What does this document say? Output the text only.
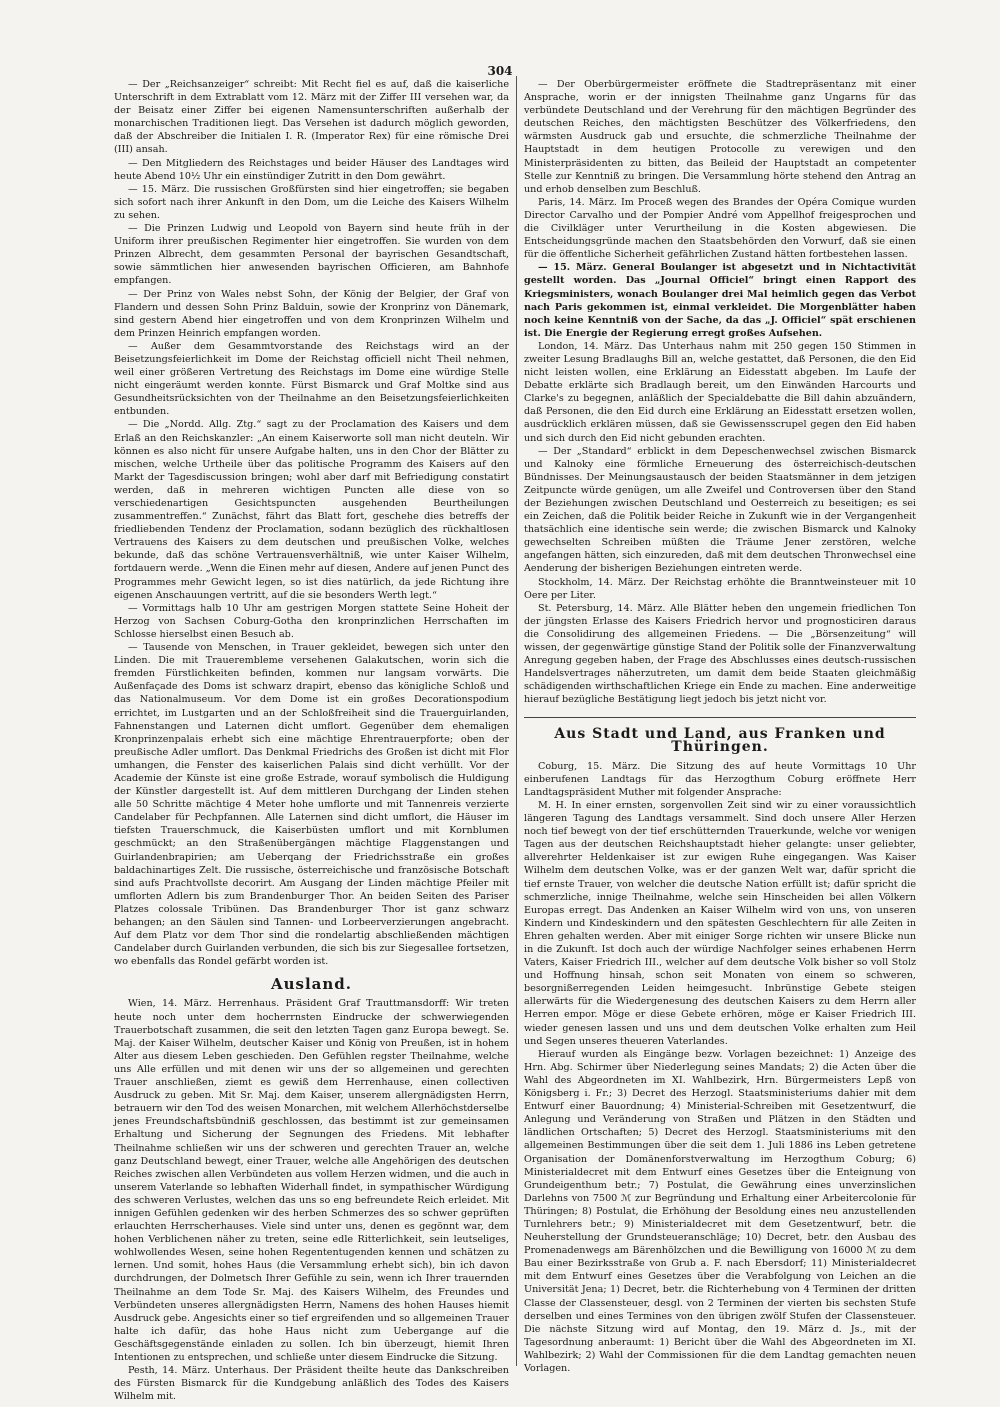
304

— Der „Reichsanzeiger“ schreibt: Mit Recht fiel es auf, daß die kaiserliche Unterschrift in dem Extrablatt vom 12. März mit der Ziffer III versehen war, da der Beisatz einer Ziffer bei eigenen Namensunterschriften außerhalb der monarchischen Traditionen liegt. Das Versehen ist dadurch möglich geworden, daß der Abschreiber die Initialen I. R. (Imperator Rex) für eine römische Drei (III) ansah.

— Den Mitgliedern des Reichstages und beider Häuser des Landtages wird heute Abend 10½ Uhr ein einstündiger Zutritt in den Dom gewährt.

— 15. März. Die russischen Großfürsten sind hier eingetroffen; sie begaben sich sofort nach ihrer Ankunft in den Dom, um die Leiche des Kaisers Wilhelm zu sehen.

— Die Prinzen Ludwig und Leopold von Bayern sind heute früh in der Uniform ihrer preußischen Regimenter hier eingetroffen. Sie wurden von dem Prinzen Albrecht, dem gesammten Personal der bayrischen Gesandtschaft, sowie sämmtlichen hier anwesenden bayrischen Officieren, am Bahnhofe empfangen.

— Der Prinz von Wales nebst Sohn, der König der Belgier, der Graf von Flandern und dessen Sohn Prinz Balduin, sowie der Kronprinz von Dänemark, sind gestern Abend hier eingetroffen und von dem Kronprinzen Wilhelm und dem Prinzen Heinrich empfangen worden.

— Außer dem Gesammtvorstande des Reichstags wird an der Beisetzungsfeierlichkeit im Dome der Reichstag officiell nicht Theil nehmen, weil einer größeren Vertretung des Reichstags im Dome eine würdige Stelle nicht eingeräumt werden konnte. Fürst Bismarck und Graf Moltke sind aus Gesundheitsrücksichten von der Theilnahme an den Beisetzungsfeierlichkeiten entbunden.

— Die „Nordd. Allg. Ztg.“ sagt zu der Proclamation des Kaisers und dem Erlaß an den Reichskanzler: „An einem Kaiserworte soll man nicht deuteln. Wir können es also nicht für unsere Aufgabe halten, uns in den Chor der Blätter zu mischen, welche Urtheile über das politische Programm des Kaisers auf den Markt der Tagesdiscussion bringen; wohl aber darf mit Befriedigung constatirt werden, daß in mehreren wichtigen Puncten alle diese von so verschiedenartigen Gesichtspuncten ausgehenden Beurtheilungen zusammentreffen.“ Zunächst, fährt das Blatt fort, geschehe dies betreffs der friedliebenden Tendenz der Proclamation, sodann bezüglich des rückhaltlosen Vertrauens des Kaisers zu dem deutschen und preußischen Volke, welches bekunde, daß das schöne Vertrauensverhältniß, wie unter Kaiser Wilhelm, fortdauern werde. „Wenn die Einen mehr auf diesen, Andere auf jenen Punct des Programmes mehr Gewicht legen, so ist dies natürlich, da jede Richtung ihre eigenen Anschauungen vertritt, auf die sie besonders Werth legt.“

— Vormittags halb 10 Uhr am gestrigen Morgen stattete Seine Hoheit der Herzog von Sachsen Coburg-Gotha den kronprinzlichen Herrschaften im Schlosse hierselbst einen Besuch ab.

— Tausende von Menschen, in Trauer gekleidet, bewegen sich unter den Linden. Die mit Trauerembleme versehenen Galakutschen, worin sich die fremden Fürstlichkeiten befinden, kommen nur langsam vorwärts. Die Außenfaçade des Doms ist schwarz drapirt, ebenso das königliche Schloß und das Nationalmuseum. Vor dem Dome ist ein großes Decorationspodium errichtet, im Lustgarten und an der Schloßfreiheit sind die Trauerguirlanden, Fahnenstangen und Laternen dicht umflort. Gegenüber dem ehemaligen Kronprinzenpalais erhebt sich eine mächtige Ehrentrauerpforte; oben der preußische Adler umflort. Das Denkmal Friedrichs des Großen ist dicht mit Flor umhangen, die Fenster des kaiserlichen Palais sind dicht verhüllt. Vor der Academie der Künste ist eine große Estrade, worauf symbolisch die Huldigung der Künstler dargestellt ist. Auf dem mittleren Durchgang der Linden stehen alle 50 Schritte mächtige 4 Meter hohe umflorte und mit Tannenreis verzierte Candelaber für Pechpfannen. Alle Laternen sind dicht umflort, die Häuser im tiefsten Trauerschmuck, die Kaiserbüsten umflort und mit Kornblumen geschmückt; an den Straßenübergängen mächtige Flaggenstangen und Guirlandenbrapirien; am Ueberqang der Friedrichsstraße ein großes baldachinartiges Zelt. Die russische, österreichische und französische Botschaft sind aufs Prachtvollste decorirt. Am Ausgang der Linden mächtige Pfeiler mit umflorten Adlern bis zum Brandenburger Thor. An beiden Seiten des Pariser Platzes colossale Tribünen. Das Brandenburger Thor ist ganz schwarz behangen; an den Säulen sind Tannen- und Lorbeerverzierungen angebracht. Auf dem Platz vor dem Thor sind die rondelartig abschließenden mächtigen Candelaber durch Guirlanden verbunden, die sich bis zur Siegesallee fortsetzen, wo ebenfalls das Rondel gefärbt worden ist.

Ausland.

Wien, 14. März. Herrenhaus. Präsident Graf Trauttmansdorff: Wir treten heute noch unter dem hocherrnsten Eindrucke der schwerwiegenden Trauerbotschaft zusammen, die seit den letzten Tagen ganz Europa bewegt. Se. Maj. der Kaiser Wilhelm, deutscher Kaiser und König von Preußen, ist in hohem Alter aus diesem Leben geschieden. Den Gefühlen regster Theilnahme, welche uns Alle erfüllen und mit denen wir uns der so allgemeinen und gerechten Trauer anschließen, ziemt es gewiß dem Herrenhause, einen collectiven Ausdruck zu geben. Mit Sr. Maj. dem Kaiser, unserem allergnädigsten Herrn, betrauern wir den Tod des weisen Monarchen, mit welchem Allerhöchstderselbe jenes Freundschaftsbündniß geschlossen, das bestimmt ist zur gemeinsamen Erhaltung und Sicherung der Segnungen des Friedens. Mit lebhafter Theilnahme schließen wir uns der schweren und gerechten Trauer an, welche ganz Deutschland bewegt, einer Trauer, welche alle Angehörigen des deutschen Reiches zwischen allen Verbündeten aus vollem Herzen widmen, und die auch in unserem Vaterlande so lebhaften Widerhall findet, in sympathischer Würdigung des schweren Verlustes, welchen das uns so eng befreundete Reich erleidet. Mit innigen Gefühlen gedenken wir des herben Schmerzes des so schwer geprüften erlauchten Herrscherhauses. Viele sind unter uns, denen es gegönnt war, dem hohen Verblichenen näher zu treten, seine edle Ritterlichkeit, sein leutseliges, wohlwollendes Wesen, seine hohen Regententugenden kennen und schätzen zu lernen. Und somit, hohes Haus (die Versammlung erhebt sich), bin ich davon durchdrungen, der Dolmetsch Ihrer Gefühle zu sein, wenn ich Ihrer trauernden Theilnahme an dem Tode Sr. Maj. des Kaisers Wilhelm, des Freundes und Verbündeten unseres allergnädigsten Herrn, Namens des hohen Hauses hiemit Ausdruck gebe. Angesichts einer so tief ergreifenden und so allgemeinen Trauer halte ich dafür, das hohe Haus nicht zum Uebergange auf die Geschäftsgegenstände einladen zu sollen. Ich bin überzeugt, hiemit Ihren Intentionen zu entsprechen, und schließe unter diesem Eindrucke die Sitzung.

Pesth, 14. März. Unterhaus. Der Präsident theilte heute das Dankschreiben des Fürsten Bismarck für die Kundgebung anläßlich des Todes des Kaisers Wilhelm mit.

— Der Oberbürgermeister eröffnete die Stadtrepräsentanz mit einer Ansprache, worin er der innigsten Theilnahme ganz Ungarns für das verbündete Deutschland und der Verehrung für den mächtigen Begründer des deutschen Reiches, den mächtigsten Beschützer des Völkerfriedens, den wärmsten Ausdruck gab und ersuchte, die schmerzliche Theilnahme der Hauptstadt in dem heutigen Protocolle zu verewigen und den Ministerpräsidenten zu bitten, das Beileid der Hauptstadt an competenter Stelle zur Kenntniß zu bringen. Die Versammlung hörte stehend den Antrag an und erhob denselben zum Beschluß.

Paris, 14. März. Im Proceß wegen des Brandes der Opéra Comique wurden Director Carvalho und der Pompier André vom Appellhof freigesprochen und die Civilkläger unter Verurtheilung in die Kosten abgewiesen. Die Entscheidungsgründe machen den Staatsbehörden den Vorwurf, daß sie einen für die öffentliche Sicherheit gefährlichen Zustand hätten fortbestehen lassen.

— 15. März. General Boulanger ist abgesetzt und in Nichtactivität gestellt worden. Das „Journal Officiel“ bringt einen Rapport des Kriegsministers, wonach Boulanger drei Mal heimlich gegen das Verbot nach Paris gekommen ist, einmal verkleidet. Die Morgenblätter haben noch keine Kenntniß von der Sache, da das „J. Officiel“ spät erschienen ist. Die Energie der Regierung erregt großes Aufsehen.

London, 14. März. Das Unterhaus nahm mit 250 gegen 150 Stimmen in zweiter Lesung Bradlaughs Bill an, welche gestattet, daß Personen, die den Eid nicht leisten wollen, eine Erklärung an Eidesstatt abgeben. Im Laufe der Debatte erklärte sich Bradlaugh bereit, um den Einwänden Harcourts und Clarke's zu begegnen, anläßlich der Specialdebatte die Bill dahin abzuändern, daß Personen, die den Eid durch eine Erklärung an Eidesstatt ersetzen wollen, ausdrücklich erklären müssen, daß sie Gewissensscrupel gegen den Eid haben und sich durch den Eid nicht gebunden erachten.

— Der „Standard“ erblickt in dem Depeschenwechsel zwischen Bismarck und Kalnoky eine förmliche Erneuerung des österreichisch-deutschen Bündnisses. Der Meinungsaustausch der beiden Staatsmänner in dem jetzigen Zeitpuncte würde genügen, um alle Zweifel und Controversen über den Stand der Beziehungen zwischen Deutschland und Oesterreich zu beseitigen; es sei ein Zeichen, daß die Politik beider Reiche in Zukunft wie in der Vergangenheit thatsächlich eine identische sein werde; die zwischen Bismarck und Kalnoky gewechselten Schreiben müßten die Träume Jener zerstören, welche angefangen hätten, sich einzureden, daß mit dem deutschen Thronwechsel eine Aenderung der bisherigen Beziehungen eintreten werde.

Stockholm, 14. März. Der Reichstag erhöhte die Branntweinsteuer mit 10 Oere per Liter.

St. Petersburg, 14. März. Alle Blätter heben den ungemein friedlichen Ton der jüngsten Erlasse des Kaisers Friedrich hervor und prognosticiren daraus die Consolidirung des allgemeinen Friedens. — Die „Börsenzeitung“ will wissen, der gegenwärtige günstige Stand der Politik solle der Finanzverwaltung Anregung gegeben haben, der Frage des Abschlusses eines deutsch-russischen Handelsvertrages näherzutreten, um damit dem beide Staaten gleichmäßig schädigenden wirthschaftlichen Kriege ein Ende zu machen. Eine anderweitige hierauf bezügliche Bestätigung liegt jedoch bis jetzt nicht vor.

Aus Stadt und Land, aus Franken und Thüringen.

Coburg, 15. März. Die Sitzung des auf heute Vormittags 10 Uhr einberufenen Landtags für das Herzogthum Coburg eröffnete Herr Landtagspräsident Muther mit folgender Ansprache:

M. H. In einer ernsten, sorgenvollen Zeit sind wir zu einer voraussichtlich längeren Tagung des Landtags versammelt. Sind doch unsere Aller Herzen noch tief bewegt von der tief erschütternden Trauerkunde, welche vor wenigen Tagen aus der deutschen Reichshauptstadt hieher gelangte: unser geliebter, allverehrter Heldenkaiser ist zur ewigen Ruhe eingegangen. Was Kaiser Wilhelm dem deutschen Volke, was er der ganzen Welt war, dafür spricht die tief ernste Trauer, von welcher die deutsche Nation erfüllt ist; dafür spricht die schmerzliche, innige Theilnahme, welche sein Hinscheiden bei allen Völkern Europas erregt. Das Andenken an Kaiser Wilhelm wird von uns, von unseren Kindern und Kindeskindern und den spätesten Geschlechtern für alle Zeiten in Ehren gehalten werden. Aber mit einiger Sorge richten wir unsere Blicke nun in die Zukunft. Ist doch auch der würdige Nachfolger seines erhabenen Herrn Vaters, Kaiser Friedrich III., welcher auf dem deutsche Volk bisher so voll Stolz und Hoffnung hinsah, schon seit Monaten von einem so schweren, besorgnißerregenden Leiden heimgesucht. Inbrünstige Gebete steigen allerwärts für die Wiedergenesung des deutschen Kaisers zu dem Herrn aller Herren empor. Möge er diese Gebete erhören, möge er Kaiser Friedrich III. wieder genesen lassen und uns und dem deutschen Volke erhalten zum Heil und Segen unseres theueren Vaterlandes.

Hierauf wurden als Eingänge bezw. Vorlagen bezeichnet: 1) Anzeige des Hrn. Abg. Schirmer über Niederlegung seines Mandats; 2) die Acten über die Wahl des Abgeordneten im XI. Wahlbezirk, Hrn. Bürgermeisters Lepß von Königsberg i. Fr.; 3) Decret des Herzogl. Staatsministeriums dahier mit dem Entwurf einer Bauordnung; 4) Ministerial-Schreiben mit Gesetzentwurf, die Anlegung und Veränderung von Straßen und Plätzen in den Städten und ländlichen Ortschaften; 5) Decret des Herzogl. Staatsministeriums mit den allgemeinen Bestimmungen über die seit dem 1. Juli 1886 ins Leben getretene Organisation der Domänenforstverwaltung im Herzogthum Coburg; 6) Ministerialdecret mit dem Entwurf eines Gesetzes über die Enteignung von Grundeigenthum betr.; 7) Postulat, die Gewährung eines unverzinslichen Darlehns von 7500 ℳ zur Begründung und Erhaltung einer Arbeitercolonie für Thüringen; 8) Postulat, die Erhöhung der Besoldung eines neu anzustellenden Turnlehrers betr.; 9) Ministerialdecret mit dem Gesetzentwurf, betr. die Neuherstellung der Grundsteueranschläge; 10) Decret, betr. den Ausbau des Promenadenwegs am Bärenhölzchen und die Bewilligung von 16000 ℳ zu dem Bau einer Bezirksstraße von Grub a. F. nach Ebersdorf; 11) Ministerialdecret mit dem Entwurf eines Gesetzes über die Verabfolgung von Leichen an die Universität Jena; 1) Decret, betr. die Richterhebung von 4 Terminen der dritten Classe der Classensteuer, desgl. von 2 Terminen der vierten bis sechsten Stufe derselben und eines Termines von den übrigen zwölf Stufen der Classensteuer. Die nächste Sitzung wird auf Montag, den 19. März d. Js., mit der Tagesordnung anberaumt: 1) Bericht über die Wahl des Abgeordneten im XI. Wahlbezirk; 2) Wahl der Commissionen für die dem Landtag gemachten neuen Vorlagen.
